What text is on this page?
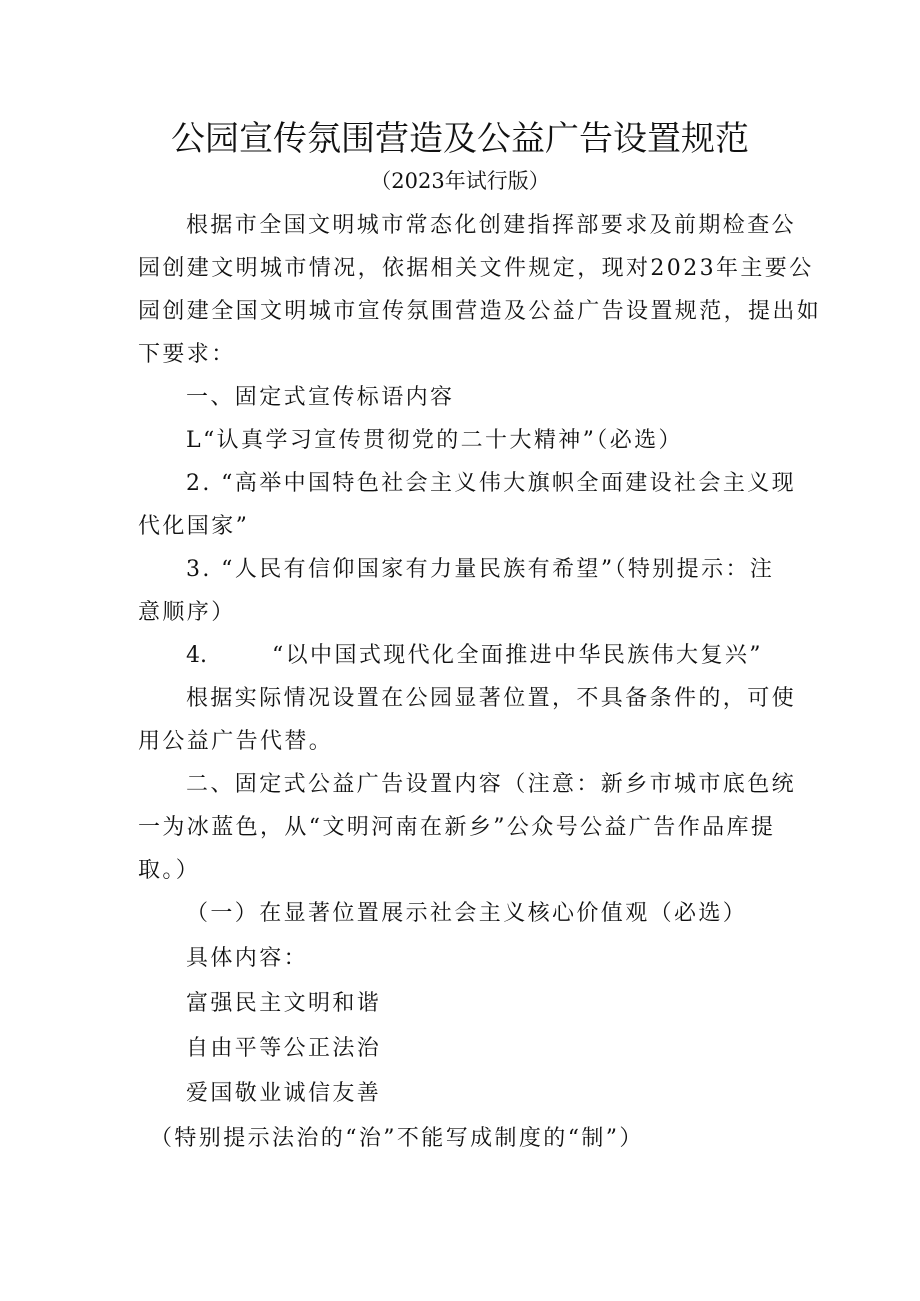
公园宣传氛围营造及公益广告设置规范

（2023年试行版）

根据市全国文明城市常态化创建指挥部要求及前期检查公

园创建文明城市情况，依据相关文件规定，现对2023年主要公

园创建全国文明城市宣传氛围营造及公益广告设置规范，提出如

下要求：

一、固定式宣传标语内容

L“认真学习宣传贯彻党的二十大精神”（必选）

2. “高举中国特色社会主义伟大旗帜全面建设社会主义现

代化国家”

3. “人民有信仰国家有力量民族有希望”（特别提示：注

意顺序）

4.	“以中国式现代化全面推进中华民族伟大复兴”

根据实际情况设置在公园显著位置，不具备条件的，可使

用公益广告代替。

二、固定式公益广告设置内容（注意：新乡市城市底色统

一为冰蓝色，从“文明河南在新乡”公众号公益广告作品库提

取。）

（一）在显著位置展示社会主义核心价值观（必选）

具体内容：

富强民主文明和谐

自由平等公正法治

爱国敬业诚信友善

（特别提示法治的“治”不能写成制度的“制”）
